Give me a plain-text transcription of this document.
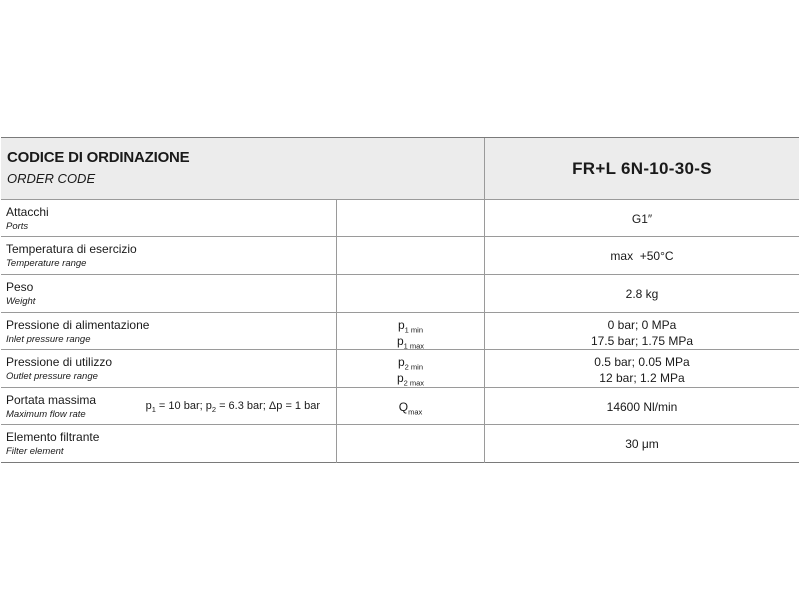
CODICE DI ORDINAZIONE
ORDER CODE
FR+L 6N-10-30-S
Attacchi
Ports
G1″
Temperatura di esercizio
Temperature range
max  +50°C
Peso
Weight
2.8 kg
Pressione di alimentazione
Inlet pressure range
$p_{1 min}$
$p_{1 max}$
0 bar; 0 MPa
17.5 bar; 1.75 MPa
Pressione di utilizzo
Outlet pressure range
$p_{2 min}$
$p_{2 max}$
0.5 bar; 0.05 MPa
12 bar; 1.2 MPa
Portata massima
Maximum flow rate
$p_1 = 10$ bar; $p_2 = 6.3$ bar; Δp = 1 bar	$Q_{max}$	14600 Nl/min
Elemento filtrante
Filter element
30 μm
